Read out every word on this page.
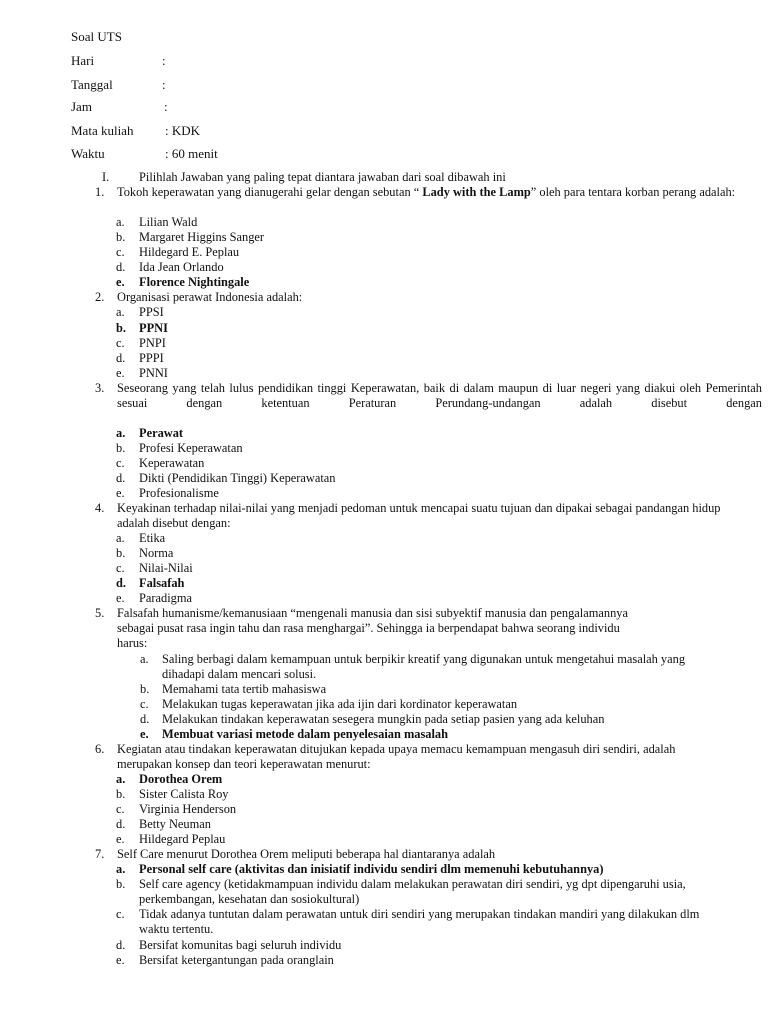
Soal UTS
Hari	:
Tanggal	:
Jam	:
Mata kuliah : KDK
Waktu	: 60 menit
I. Pilihlah Jawaban yang paling tepat diantara jawaban dari soal dibawah ini
1. Tokoh keperawatan yang dianugerahi gelar dengan sebutan “ Lady with the Lamp” oleh para tentara korban perang adalah:
a. Lilian Wald
b. Margaret Higgins Sanger
c. Hildegard E. Peplau
d. Ida Jean Orlando
e. Florence Nightingale
2. Organisasi perawat Indonesia adalah:
a. PPSI
b. PPNI
c. PNPI
d. PPPI
e. PNNI
3. Seseorang yang telah lulus pendidikan tinggi Keperawatan, baik di dalam maupun di luar negeri yang diakui oleh Pemerintah sesuai dengan ketentuan Peraturan Perundang-undangan adalah disebut dengan
a. Perawat
b. Profesi Keperawatan
c. Keperawatan
d. Dikti (Pendidikan Tinggi) Keperawatan
e. Profesionalisme
4. Keyakinan terhadap nilai-nilai yang menjadi pedoman untuk mencapai suatu tujuan dan dipakai sebagai pandangan hidup adalah disebut dengan:
a. Etika
b. Norma
c. Nilai-Nilai
d. Falsafah
e. Paradigma
5. Falsafah humanisme/kemanusiaan “mengenali manusia dan sisi subyektif manusia dan pengalamannya sebagai pusat rasa ingin tahu dan rasa menghargai”. Sehingga ia berpendapat bahwa seorang individu harus:
a. Saling berbagi dalam kemampuan untuk berpikir kreatif yang digunakan untuk mengetahui masalah yang dihadapi dalam mencari solusi.
b. Memahami tata tertib mahasiswa
c. Melakukan tugas keperawatan jika ada ijin dari kordinator keperawatan
d. Melakukan tindakan keperawatan sesegera mungkin pada setiap pasien yang ada keluhan
e. Membuat variasi metode dalam penyelesaian masalah
6. Kegiatan atau tindakan keperawatan ditujukan kepada upaya memacu kemampuan mengasuh diri sendiri, adalah merupakan konsep dan teori keperawatan menurut:
a. Dorothea Orem
b. Sister Calista Roy
c. Virginia Henderson
d. Betty Neuman
e. Hildegard Peplau
7. Self Care menurut Dorothea Orem meliputi beberapa hal diantaranya adalah
a. Personal self care (aktivitas dan inisiatif individu sendiri dlm memenuhi kebutuhannya)
b. Self care agency (ketidakmampuan individu dalam melakukan perawatan diri sendiri, yg dpt dipengaruhi usia, perkembangan, kesehatan dan sosiokultural)
c. Tidak adanya tuntutan dalam perawatan untuk diri sendiri yang merupakan tindakan mandiri yang dilakukan dlm waktu tertentu.
d. Bersifat komunitas bagi seluruh individu
e. Bersifat ketergantungan pada oranglain
